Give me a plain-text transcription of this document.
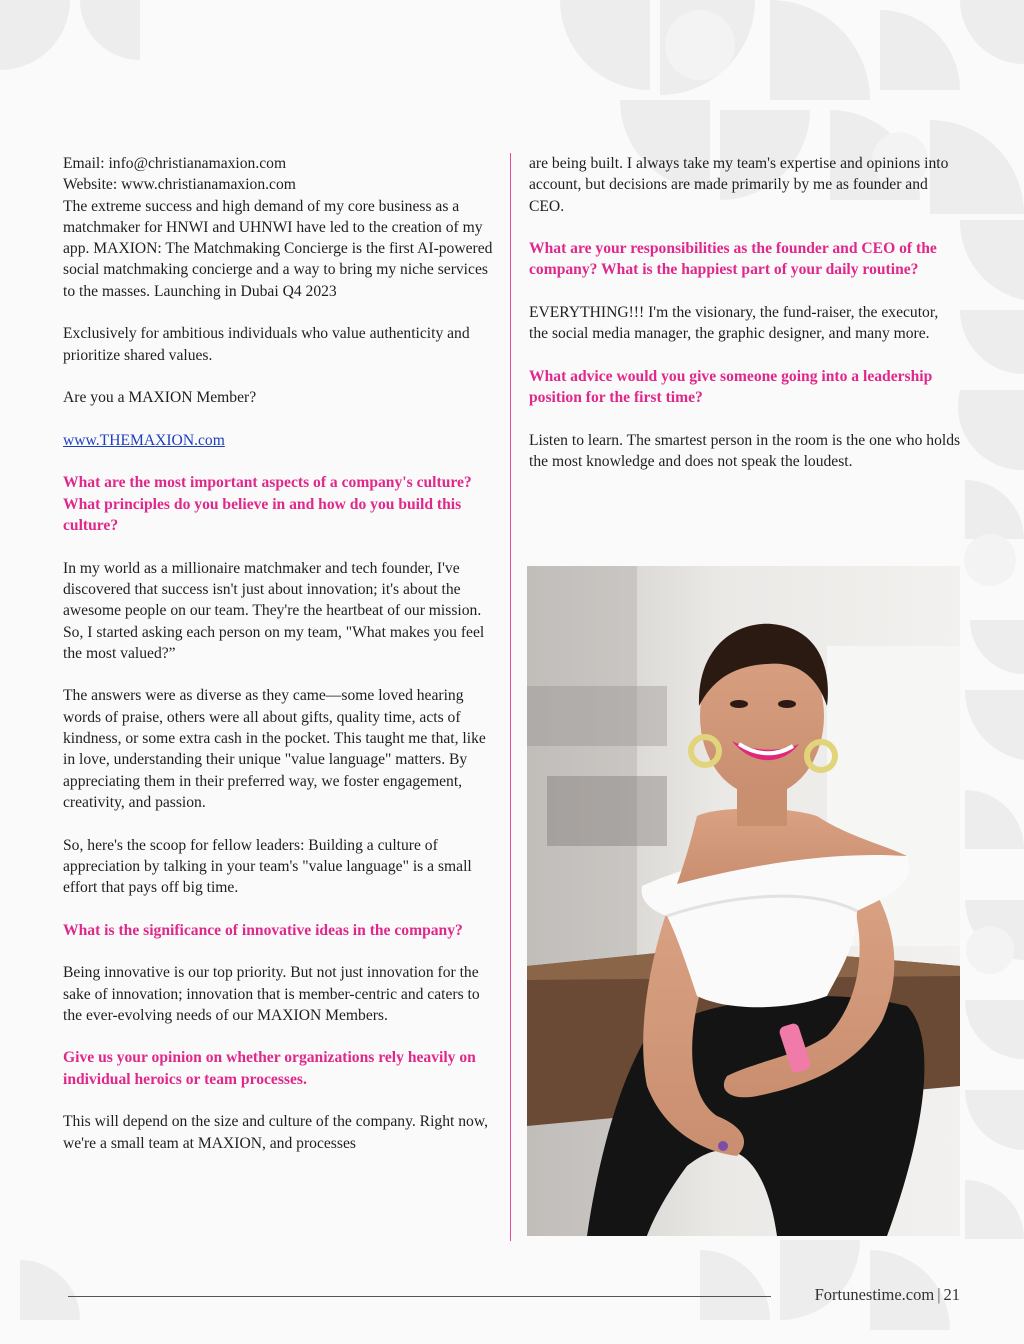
Email: info@christianamaxion.com
Website: www.christianamaxion.com
The extreme success and high demand of my core business as a matchmaker for HNWI and UHNWI have led to the creation of my app. MAXION: The Matchmaking Concierge is the first AI-powered social matchmaking concierge and a way to bring my niche services to the masses. Launching in Dubai Q4 2023

Exclusively for ambitious individuals who value authenticity and prioritize shared values.

Are you a MAXION Member?

www.THEMAXION.com

What are the most important aspects of a company's culture? What principles do you believe in and how do you build this culture?

In my world as a millionaire matchmaker and tech founder, I've discovered that success isn't just about innovation; it's about the awesome people on our team. They're the heartbeat of our mission. So, I started asking each person on my team, "What makes you feel the most valued?”

The answers were as diverse as they came—some loved hearing words of praise, others were all about gifts, quality time, acts of kindness, or some extra cash in the pocket. This taught me that, like in love, understanding their unique "value language" matters. By appreciating them in their preferred way, we foster engagement, creativity, and passion.

So, here's the scoop for fellow leaders: Building a culture of appreciation by talking in your team's "value language" is a small effort that pays off big time.

What is the significance of innovative ideas in the company?

Being innovative is our top priority. But not just innovation for the sake of innovation; innovation that is member-centric and caters to the ever-evolving needs of our MAXION Members.

Give us your opinion on whether organizations rely heavily on individual heroics or team processes.

This will depend on the size and culture of the company. Right now, we're a small team at MAXION, and processes

are being built. I always take my team's expertise and opinions into account, but decisions are made primarily by me as founder and CEO.

What are your responsibilities as the founder and CEO of the company? What is the happiest part of your daily routine?

EVERYTHING!!! I'm the visionary, the fund-raiser, the executor, the social media manager, the graphic designer, and many more.

What advice would you give someone going into a leadership position for the first time?

Listen to learn. The smartest person in the room is the one who holds the most knowledge and does not speak the loudest.

Fortunestime.com | 21
